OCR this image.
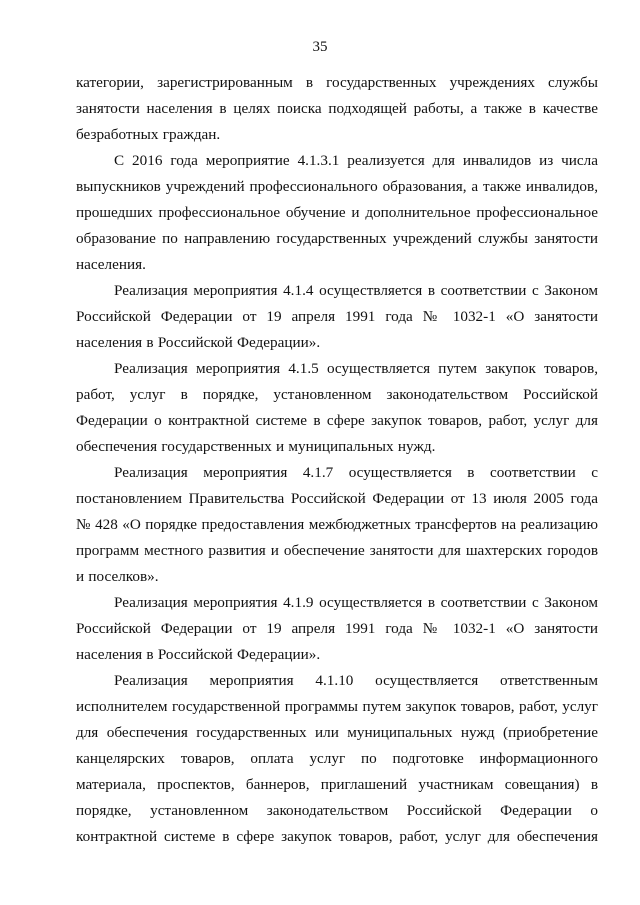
35

категории, зарегистрированным в государственных учреждениях службы занятости населения в целях поиска подходящей работы, а также в качестве безработных граждан.

С 2016 года мероприятие 4.1.3.1 реализуется для инвалидов из числа выпускников учреждений профессионального образования, а также инвалидов, прошедших профессиональное обучение и дополнительное профессиональное образование по направлению государственных учреждений службы занятости населения.

Реализация мероприятия 4.1.4 осуществляется в соответствии с Законом Российской Федерации от 19 апреля 1991 года № 1032-1 «О занятости населения в Российской Федерации».

Реализация мероприятия 4.1.5 осуществляется путем закупок товаров, работ, услуг в порядке, установленном законодательством Российской Федерации о контрактной системе в сфере закупок товаров, работ, услуг для обеспечения государственных и муниципальных нужд.

Реализация мероприятия 4.1.7 осуществляется в соответствии с постановлением Правительства Российской Федерации от 13 июля 2005 года № 428 «О порядке предоставления межбюджетных трансфертов на реализацию программ местного развития и обеспечение занятости для шахтерских городов и поселков».

Реализация мероприятия 4.1.9 осуществляется в соответствии с Законом Российской Федерации от 19 апреля 1991 года № 1032-1 «О занятости населения в Российской Федерации».

Реализация мероприятия 4.1.10 осуществляется ответственным исполнителем государственной программы путем закупок товаров, работ, услуг для обеспечения государственных или муниципальных нужд (приобретение канцелярских товаров, оплата услуг по подготовке информационного материала, проспектов, баннеров, приглашений участникам совещания) в порядке, установленном законодательством Российской Федерации о контрактной системе в сфере закупок товаров, работ, услуг для обеспечения
